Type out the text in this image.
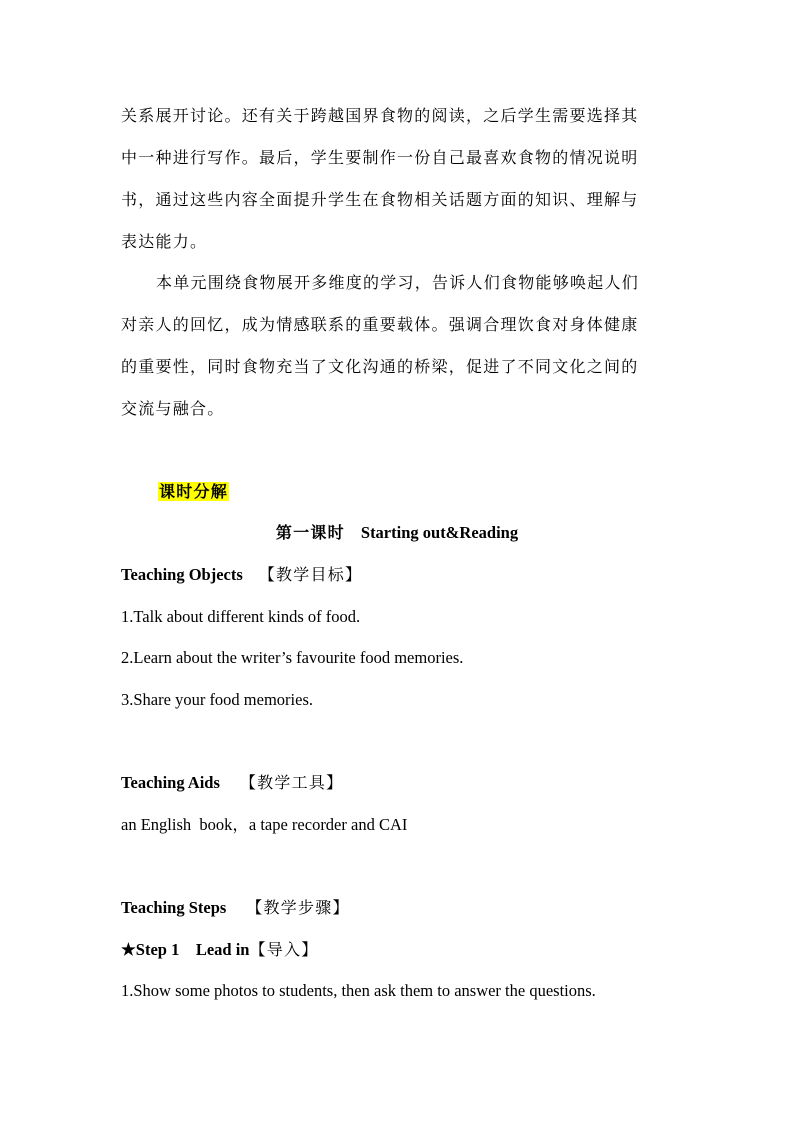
关系展开讨论。还有关于跨越国界食物的阅读，之后学生需要选择其
中一种进行写作。最后，学生要制作一份自己最喜欢食物的情况说明
书，通过这些内容全面提升学生在食物相关话题方面的知识、理解与
表达能力。
本单元围绕食物展开多维度的学习，告诉人们食物能够唤起人们
对亲人的回忆，成为情感联系的重要载体。强调合理饮食对身体健康
的重要性，同时食物充当了文化沟通的桥梁，促进了不同文化之间的
交流与融合。
课时分解
第一课时 Starting out&Reading
Teaching Objects 【教学目标】
1.Talk about different kinds of food.
2.Learn about the writer’s favourite food memories.
3.Share your food memories.
Teaching Aids 【教学工具】
an English  book，a tape recorder and CAI
Teaching Steps 【教学步骤】
★Step 1    Lead in【导入】
1.Show some photos to students, then ask them to answer the questions.
